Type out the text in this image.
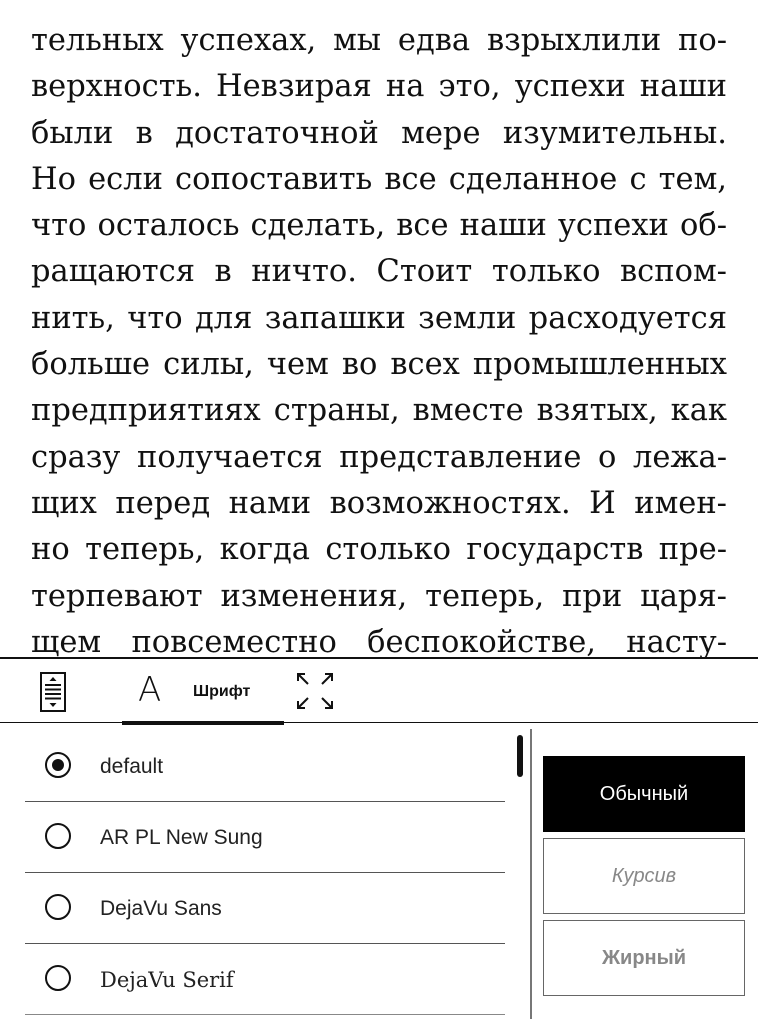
тельных успехах, мы едва взрыхлили по-
верхность. Невзирая на это, успехи наши
были в достаточной мере изумительны.
Но если сопоставить все сделанное с тем,
что осталось сделать, все наши успехи об-
ращаются в ничто. Стоит только вспом-
нить, что для запашки земли расходуется
больше силы, чем во всех промышленных
предприятиях страны, вместе взятых, как
сразу получается представление о лежа-
щих перед нами возможностях. И имен-
но теперь, когда столько государств пре-
терпевают изменения, теперь, при царя-
щем повсеместно беспокойстве, насту-
A Шрифт
default
AR PL New Sung
DejaVu Sans
DejaVu Serif
Обычный
Курсив
Жирный
